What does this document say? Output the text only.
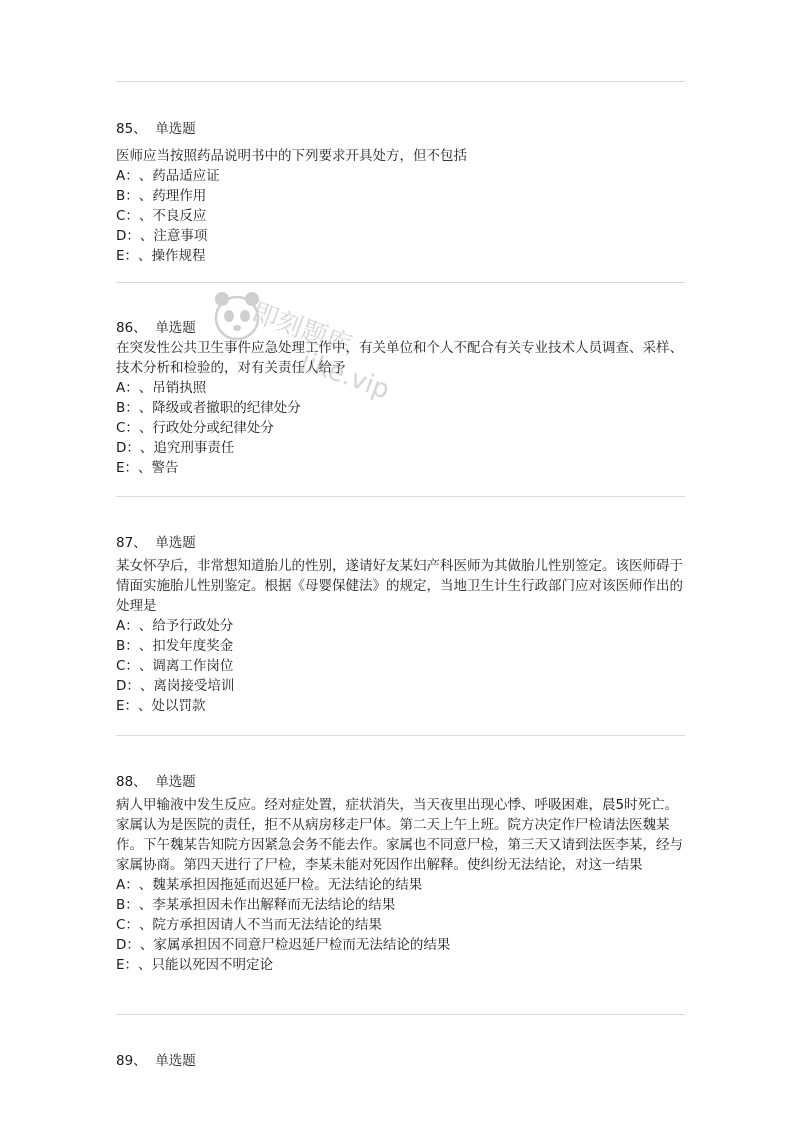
85、 单选题

医师应当按照药品说明书中的下列要求开具处方，但不包括

A：、药品适应证
B：、药理作用
C：、不良反应
D：、注意事项
E：、操作规程
86、 单选题

在突发性公共卫生事件应急处理工作中，有关单位和个人不配合有关专业技术人员调查、采样、技术分析和检验的，对有关责任人给予

A：、吊销执照
B：、降级或者撤职的纪律处分
C：、行政处分或纪律处分
D：、追究刑事责任
E：、警告
87、 单选题

某女怀孕后，非常想知道胎儿的性别，遂请好友某妇产科医师为其做胎儿性别签定。该医师碍于情面实施胎儿性别鉴定。根据《母婴保健法》的规定，当地卫生计生行政部门应对该医师作出的处理是

A：、给予行政处分
B：、扣发年度奖金
C：、调离工作岗位
D：、离岗接受培训
E：、处以罚款
88、 单选题

病人甲输液中发生反应。经对症处置，症状消失，当天夜里出现心悸、呼吸困难，晨5时死亡。家属认为是医院的责任，拒不从病房移走尸体。第二天上午上班。院方决定作尸检请法医魏某作。下午魏某告知院方因紧急会务不能去作。家属也不同意尸检，第三天又请到法医李某，经与家属协商。第四天进行了尸检，李某未能对死因作出解释。使纠纷无法结论，对这一结果

A：、魏某承担因拖延而迟延尸检。无法结论的结果
B：、李某承担因未作出解释而无法结论的结果
C：、院方承担因请人不当而无法结论的结果
D：、家属承担因不同意尸检迟延尸检而无法结论的结果
E：、只能以死因不明定论
89、 单选题
即刻题库
jike.vip
